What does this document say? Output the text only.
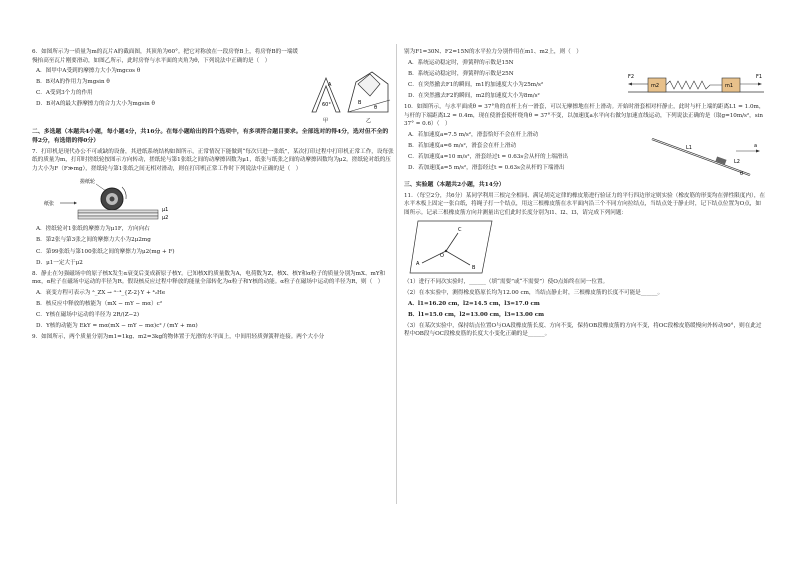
6．如图所示为一质量为m的瓦片A的截面图，其顶角为60°。把它对称放在一段房脊B上，将房脊B的一端缓慢抬高至瓦片刚要滑动，如图乙所示，此时房脊与水平面的夹角为θ，下列说法中正确的是（　）

A．图甲中A受到的摩擦力大小为mgcos θ

B．B对A的作用力为mgsin θ

C．A受到3个力的作用

D．B对A的最大静摩擦力的合力大小为mgsin θ

A
60°
甲
B
θ
乙

二、多选题（本题共4小题，每小题4分，共16分。在每小题给出的四个选项中，有多项符合题目要求。全部选对的得4分，选对但不全的得2分，有选错的得0分）

7．打印机是现代办公不可或缺的设备，其进纸系统结构如图所示，正常情况下能做到“每次只进一张纸”，某次打印过程中打印机正常工作，设每张纸的质量为m，打印时搓纸轮按图示方向转动，搓纸轮与第1张纸之间的动摩擦因数为μ1，纸张与纸张之间的动摩擦因数均为μ2。搓纸轮对纸的压力大小为F（F≫mg），搓纸轮与第1张纸之间无相对滑动，则在打印机正常工作时下列说法中正确的是（　）

搓纸轮
纸张
μ1
μ2

A．搓纸轮对1张纸的摩擦力为μ1F，方向向右

B．第2张与第3张之间的摩擦力大小为2μ2mg

C．第99张纸与第100张纸之间的摩擦力为μ2(mg + F)

D．μ1一定大于μ2

8．静止在匀强磁场中的原子核X发生α衰变后变成新原子核Y。已知核X的质量数为A，电荷数为Z，核X、核Y和α粒子的质量分别为mX、mY和mα，α粒子在磁场中运动的半径为R。假设核反应过程中释放的能量全部转化为α粒子和Y核的动能。α粒子在磁场中运动的半径为R，则（　）

A．衰变方程可表示为 ᴬ_ZX → ᴬ⁻⁴_{Z-2}Y + ⁴₂He

B．核反应中释放的核能为（mX − mY − mα）c²

C．Y核在磁场中运动的半径为 2R/(Z−2)

D．Y核的动能为 EkY = mα(mX − mY − mα)c² / (mY + mα)

9．如图所示，两个质量分别为m1=1kg、m2=3kg的物体置于光滑的水平面上，中间用轻质弹簧秤连接。两个大小分

别为F1=30N、F2=15N的水平拉力分别作用在m1、m2上，则（　）

A．系统运动稳定时，弹簧秤的示数是15N

B．系统运动稳定时，弹簧秤的示数是25N

C．在突然撤去F1的瞬间，m1的加速度大小为25m/s²

D．在突然撤去F2的瞬间，m2的加速度大小为8m/s²

F2
m2	m1
F1

10．如图所示，与水平面成θ = 37°角的直杆上有一滑套，可以无摩擦地在杆上滑动。开始时滑套相对杆静止，此时与杆上端的距离L1 = 1.0m，与杆的下端距离L2 = 0.4m，现在使滑套使杆绕角θ = 37°不变，以加速度a水平向右做匀加速直线运动，下列说法正确的是（取g=10m/s²，sin 37° = 0.6）（　）

A．若加速度a=7.5 m/s²，滑套恰好不会在杆上滑动

B．若加速度a=6 m/s²，滑套会在杆上滑动

C．若加速度a=10 m/s²，滑套经过t = 0.63s会从杆的上端滑出

D．若加速度a=5 m/s²，滑套经过t = 0.63s会从杆的下端滑出

L1
L2
a
θ

三、实验题（本题共2小题，共14分）

11．（每空2分，共6分）某同学利用三根完全相同、满足胡克定律的橡皮筋进行验证力的平行四边形定则实验（橡皮筋的形变均在弹性限度内），在水平木板上固定一张白纸，将绳子打一个结点，用这三根橡皮筋在水平面内沿三个不同方向拉结点，当结点处于静止时，记下结点位置为O点，如图所示。记录三根橡皮筋方向并测量出它们此时长度分别为l1、l2、l3，请完成下列问题：

A
B
C
O

（1）进行不同次实验时，______（填“需要”或“不需要”）使O点始终在同一位置。

（2）在本实验中，测得橡皮筋原长均为12.00 cm，当结点静止时，三根橡皮筋的长度不可能是______。

A．l1=16.20 cm，l2=14.5 cm，l3=17.0 cm

B．l1=15.0 cm，l2=13.00 cm，l3=13.00 cm

（3）在某次实验中，保持结点位置O与OA段橡皮筋长度、方向不变，保持OB段橡皮筋的方向不变，将OC段橡皮筋缓慢向外转动90°，则在此过程中OB段与OC段橡皮筋的长度大小变化正确的是______。
